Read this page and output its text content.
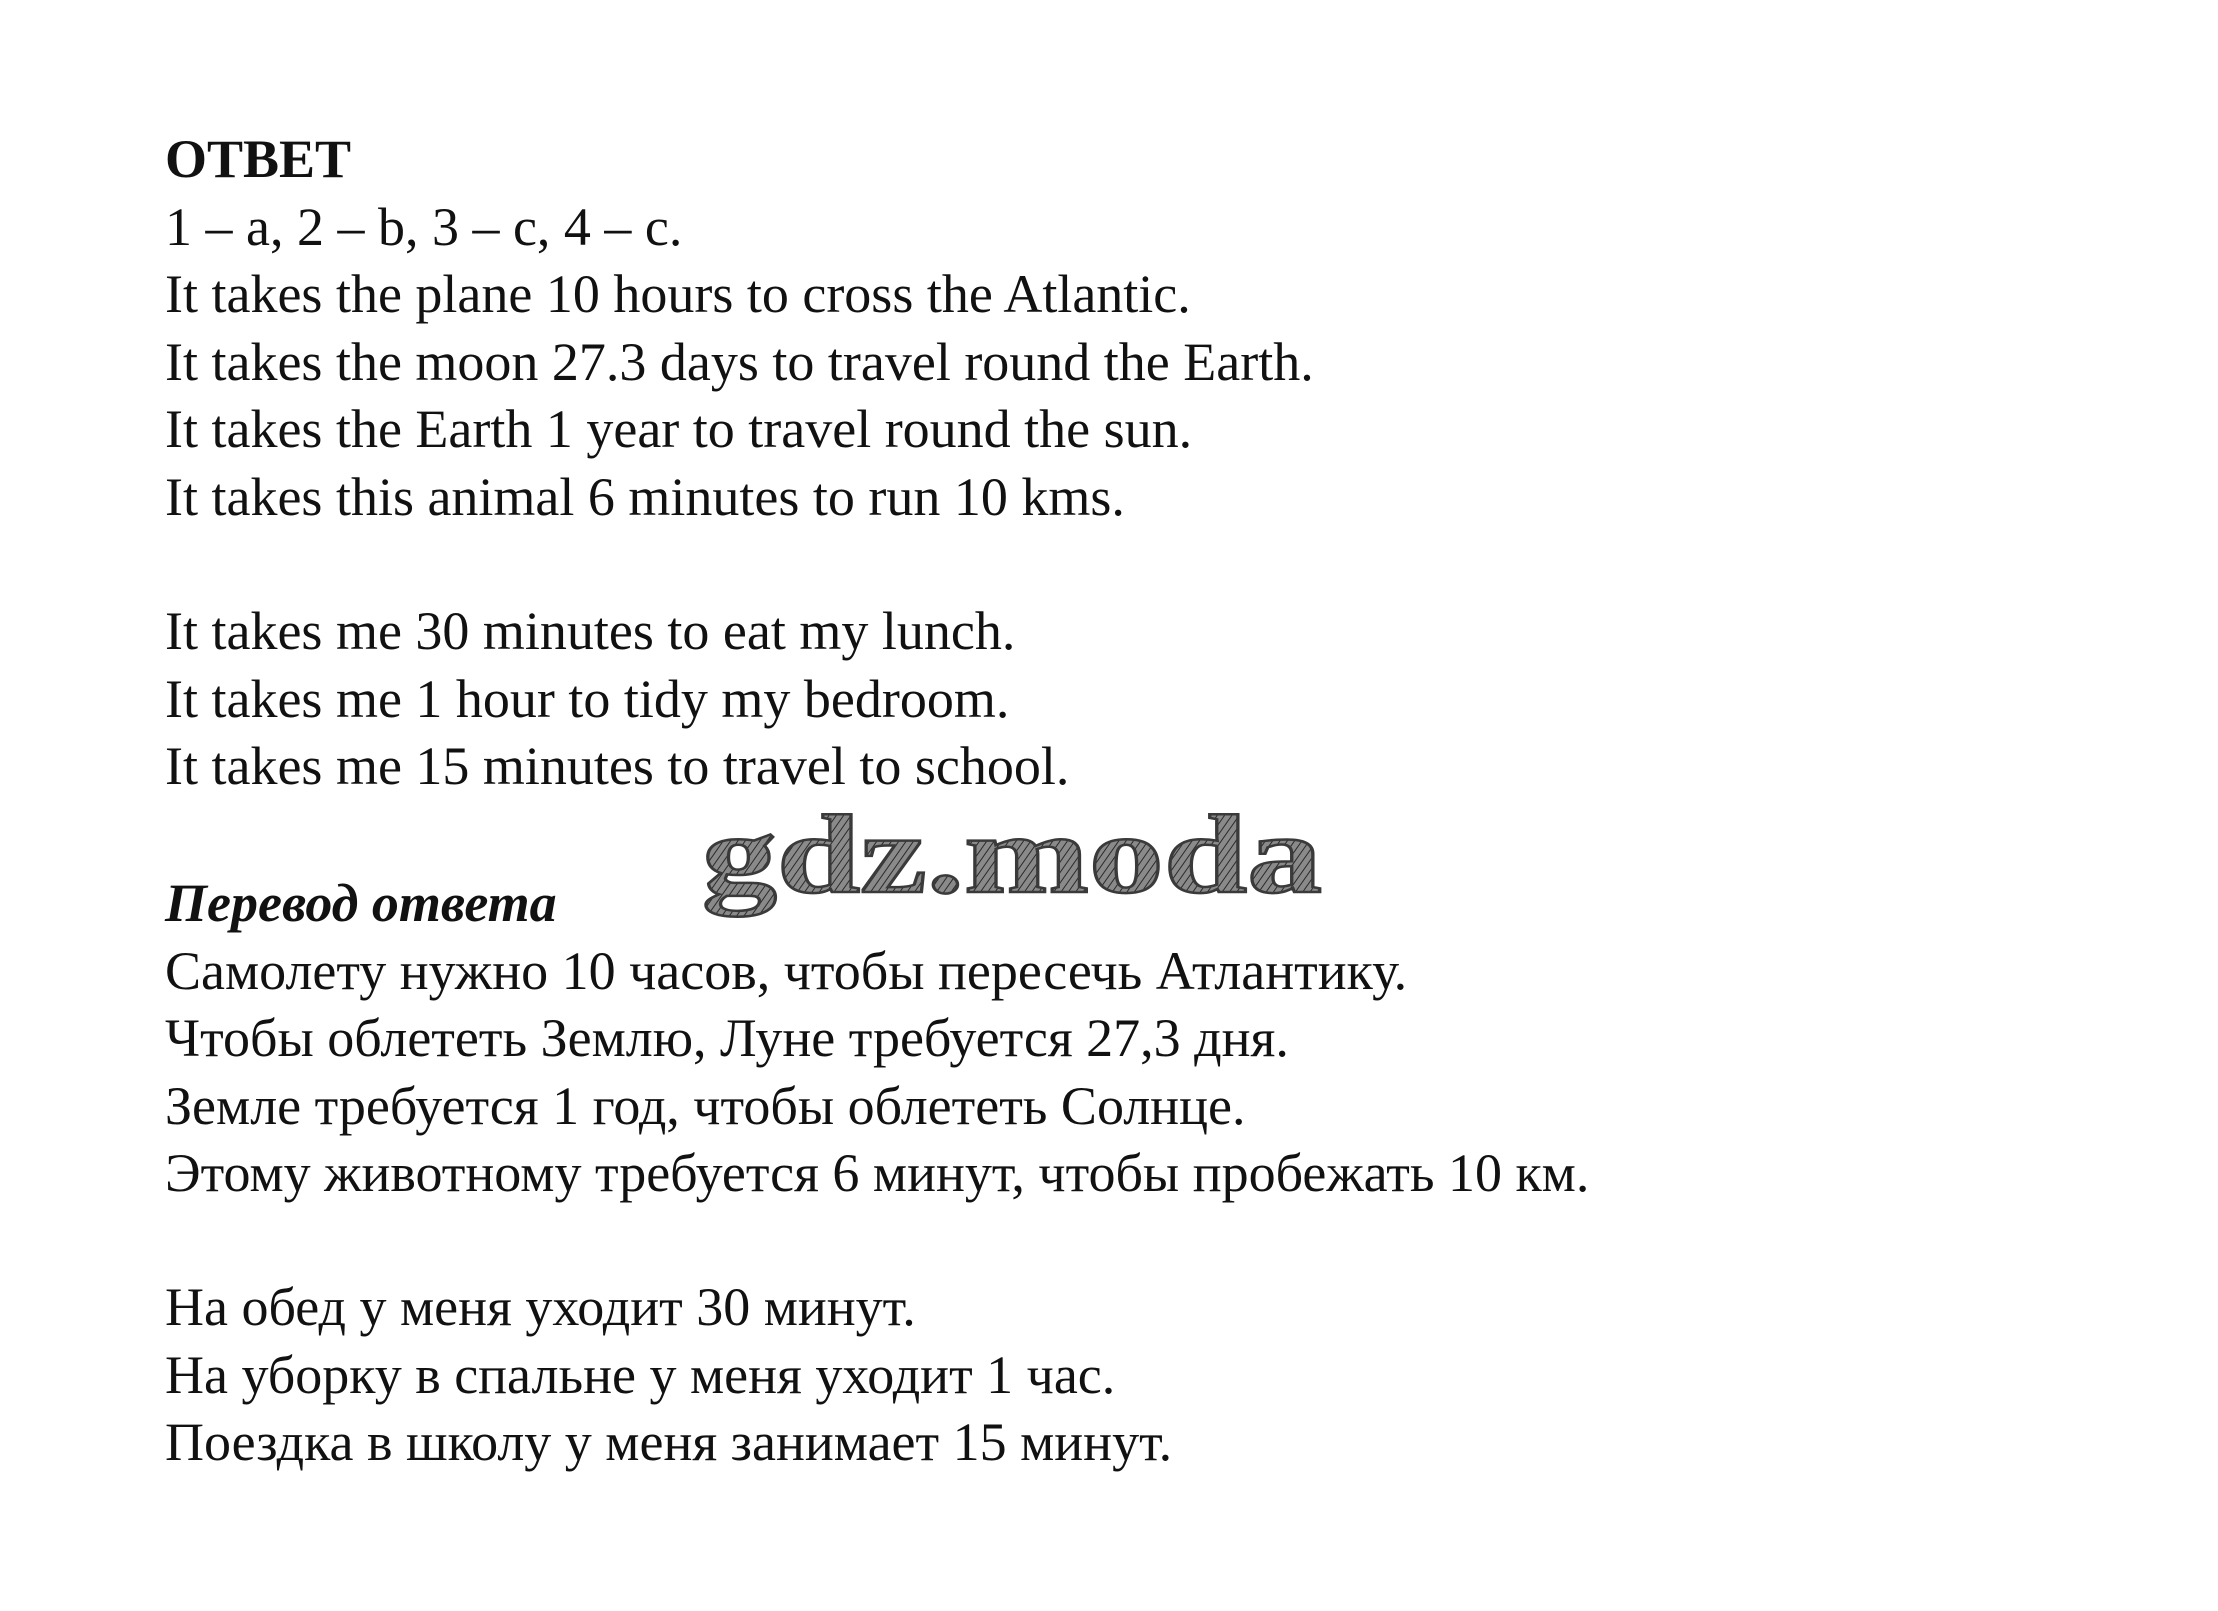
ОТВЕТ
1 – a, 2 – b, 3 – c, 4 – c.
It takes the plane 10 hours to cross the Atlantic.
It takes the moon 27.3 days to travel round the Earth.
It takes the Earth 1 year to travel round the sun.
It takes this animal 6 minutes to run 10 kms.
It takes me 30 minutes to eat my lunch.
It takes me 1 hour to tidy my bedroom.
It takes me 15 minutes to travel to school.
gdz.moda
Перевод ответа
Самолету нужно 10 часов, чтобы пересечь Атлантику.
Чтобы облететь Землю, Луне требуется 27,3 дня.
Земле требуется 1 год, чтобы облететь Солнце.
Этому животному требуется 6 минут, чтобы пробежать 10 км.
На обед у меня уходит 30 минут.
На уборку в спальне у меня уходит 1 час.
Поездка в школу у меня занимает 15 минут.
